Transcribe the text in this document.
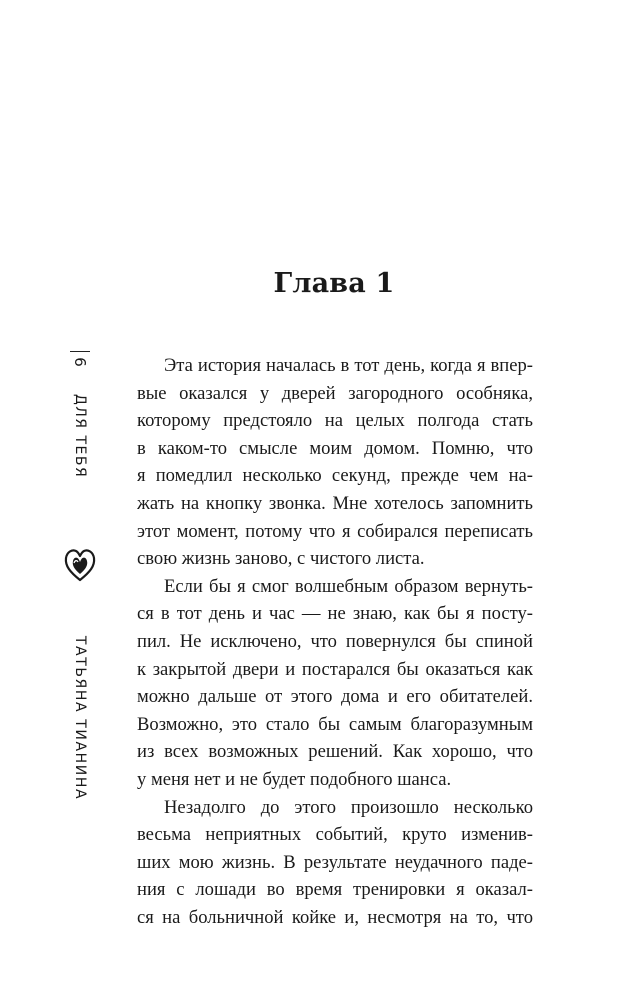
6
ДЛЯ ТЕБЯ
ТАТЬЯНА ТИАНИНА
Глава 1
Эта история началась в тот день, когда я впер-
вые оказался у дверей загородного особняка,
которому предстояло на целых полгода стать
в каком-то смысле моим домом. Помню, что
я помедлил несколько секунд, прежде чем на-
жать на кнопку звонка. Мне хотелось запомнить
этот момент, потому что я собирался переписать
свою жизнь заново, с чистого листа.
Если бы я смог волшебным образом вернуть-
ся в тот день и час — не знаю, как бы я посту-
пил. Не исключено, что повернулся бы спиной
к закрытой двери и постарался бы оказаться как
можно дальше от этого дома и его обитателей.
Возможно, это стало бы самым благоразумным
из всех возможных решений. Как хорошо, что
у меня нет и не будет подобного шанса.
Незадолго до этого произошло несколько
весьма неприятных событий, круто изменив-
ших мою жизнь. В результате неудачного паде-
ния с лошади во время тренировки я оказал-
ся на больничной койке и, несмотря на то, что
